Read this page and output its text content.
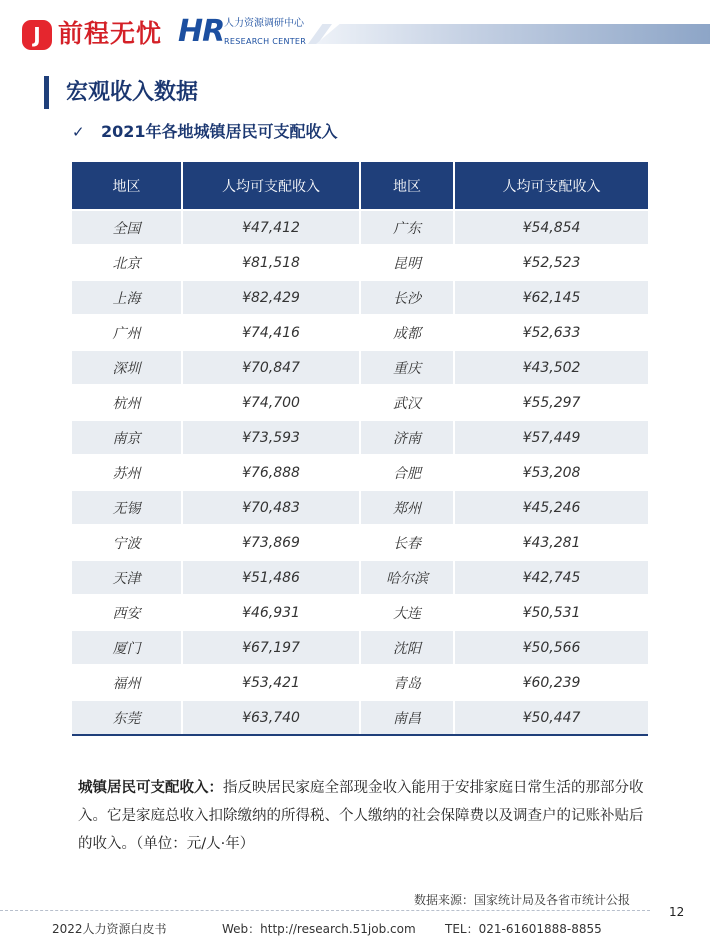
J 前程无忧 HR 人力资源调研中心
RESEARCH CENTER
宏观收入数据
✓ 2021年各地城镇居民可支配收入
地区	人均可支配收入	地区	人均可支配收入
全国	¥47,412	广东	¥54,854
北京	¥81,518	昆明	¥52,523
上海	¥82,429	长沙	¥62,145
广州	¥74,416	成都	¥52,633
深圳	¥70,847	重庆	¥43,502
杭州	¥74,700	武汉	¥55,297
南京	¥73,593	济南	¥57,449
苏州	¥76,888	合肥	¥53,208
无锡	¥70,483	郑州	¥45,246
宁波	¥73,869	长春	¥43,281
天津	¥51,486	哈尔滨	¥42,745
西安	¥46,931	大连	¥50,531
厦门	¥67,197	沈阳	¥50,566
福州	¥53,421	青岛	¥60,239
东莞	¥63,740	南昌	¥50,447

城镇居民可支配收入：指反映居民家庭全部现金收入能用于安排家庭日常生活的那部分收入。它是家庭总收入扣除缴纳的所得税、个人缴纳的社会保障费以及调查户的记账补贴后的收入。（单位：元/人·年）

数据来源：国家统计局及各省市统计公报
12
2022人力资源白皮书	Web：http://research.51job.com TEL：021-61601888-8855
